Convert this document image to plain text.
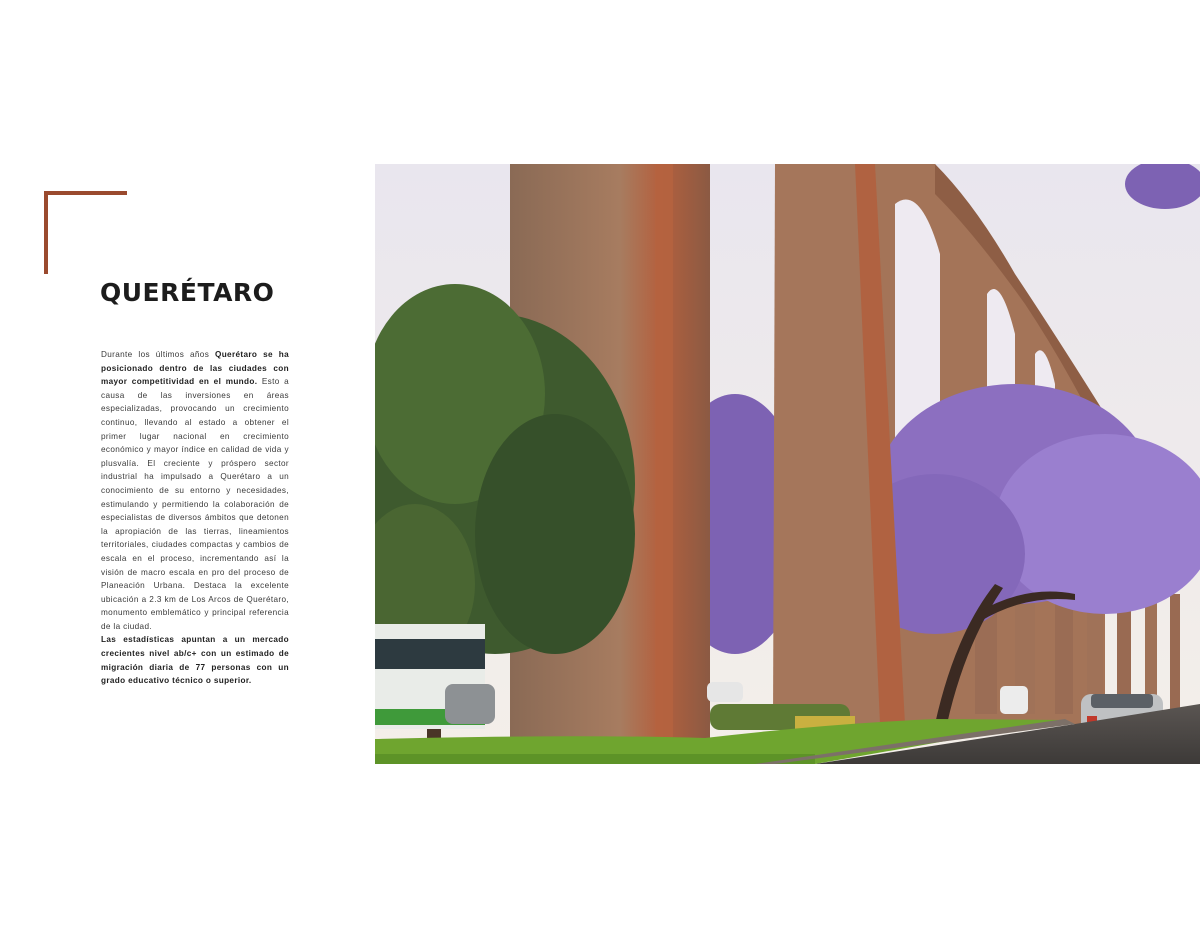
QUERÉTARO

Durante los últimos años Querétaro se ha posicionado dentro de las ciudades con mayor competitividad en el mundo. Esto a causa de las inversiones en áreas especializadas, provocando un crecimiento continuo, llevando al estado a obtener el primer lugar nacional en crecimiento económico y mayor índice en calidad de vida y plusvalía. El creciente y próspero sector industrial ha impulsado a Querétaro a un conocimiento de su entorno y necesidades, estimulando y permitiendo la colaboración de especialistas de diversos ámbitos que detonen la apropiación de las tierras, lineamientos territoriales, ciudades compactas y cambios de escala en el proceso, incrementando así la visión de macro escala en pro del proceso de Planeación Urbana. Destaca la excelente ubicación a 2.3 km de Los Arcos de Querétaro, monumento emblemático y principal referencia de la ciudad.
Las estadísticas apuntan a un mercado crecientes nivel ab/c+ con un estimado de migración diaria de 77 personas con un grado educativo técnico o superior.
